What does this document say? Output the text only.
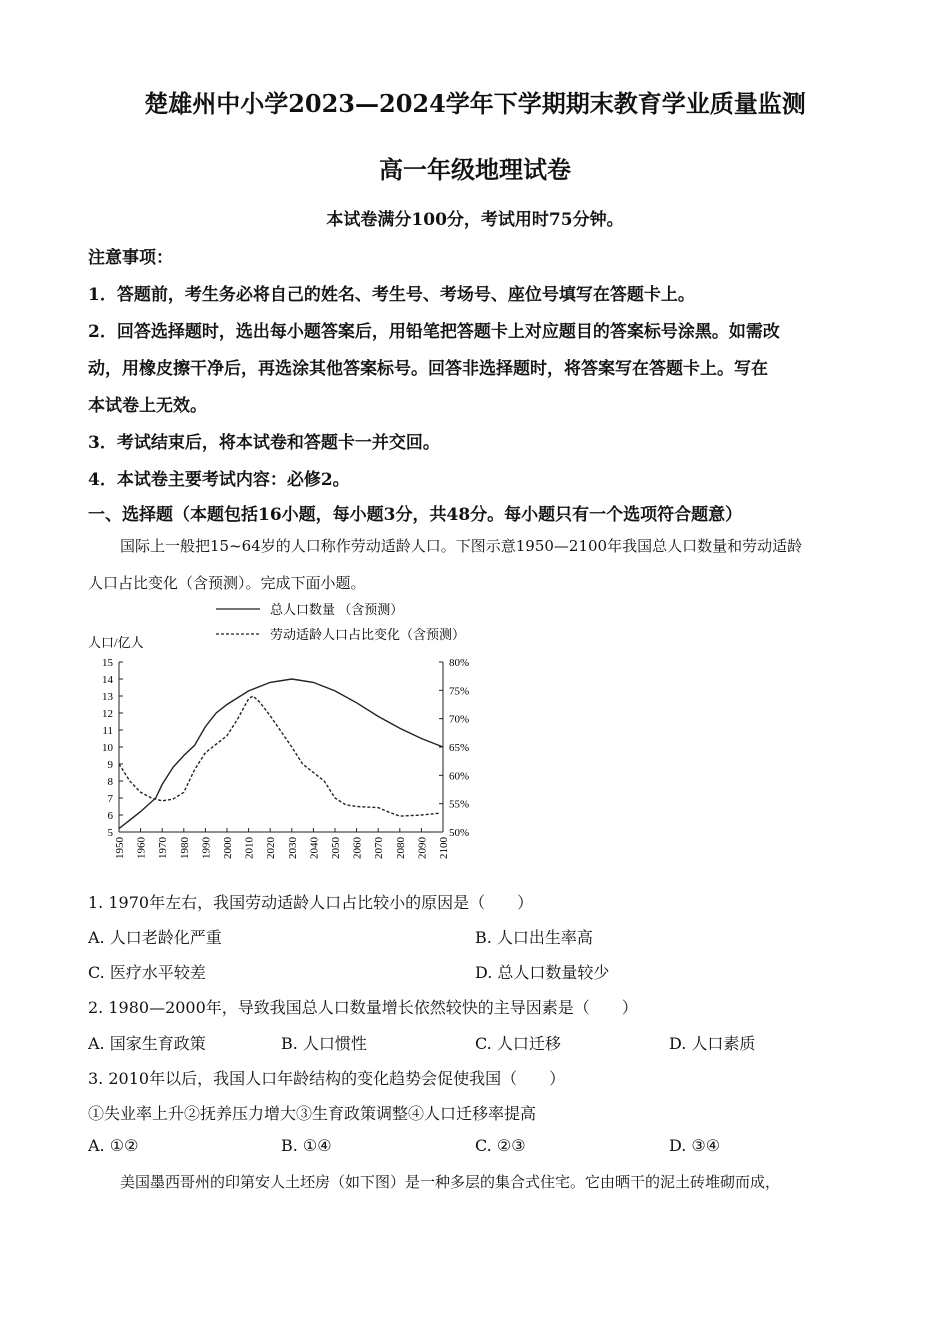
楚雄州中小学2023—2024学年下学期期末教育学业质量监测
高一年级地理试卷
本试卷满分100分，考试用时75分钟。
注意事项：
1．答题前，考生务必将自己的姓名、考生号、考场号、座位号填写在答题卡上。
2．回答选择题时，选出每小题答案后，用铅笔把答题卡上对应题目的答案标号涂黑。如需改
动，用橡皮擦干净后，再选涂其他答案标号。回答非选择题时，将答案写在答题卡上。写在
本试卷上无效。
3．考试结束后，将本试卷和答题卡一并交回。
4．本试卷主要考试内容：必修2。
一、选择题（本题包括16小题，每小题3分，共48分。每小题只有一个选项符合题意）
国际上一般把15~64岁的人口称作劳动适龄人口。下图示意1950—2100年我国总人口数量和劳动适龄
人口占比变化（含预测）。完成下面小题。
人口/亿人
5
6
7
8
9
10
11
12
13
14
15
50%
55%
60%
65%
70%
75%
80%
1950 1960 1970 1980 1990 2000 2010 2020 2030 2040 2050 2060 2070 2080 2090 2100
总人口数量 （含预测）
劳动适龄人口占比变化（含预测）
1. 1970年左右，我国劳动适龄人口占比较小的原因是（　　）
A. 人口老龄化严重	B. 人口出生率高
C. 医疗水平较差	D. 总人口数量较少
2. 1980—2000年，导致我国总人口数量增长依然较快的主导因素是（　　）
A. 国家生育政策	B. 人口惯性	C. 人口迁移	D. 人口素质
3. 2010年以后，我国人口年龄结构的变化趋势会促使我国（　　）
①失业率上升②抚养压力增大③生育政策调整④人口迁移率提高
A. ①②	B. ①④	C. ②③	D. ③④
美国墨西哥州的印第安人土坯房（如下图）是一种多层的集合式住宅。它由晒干的泥土砖堆砌而成，
